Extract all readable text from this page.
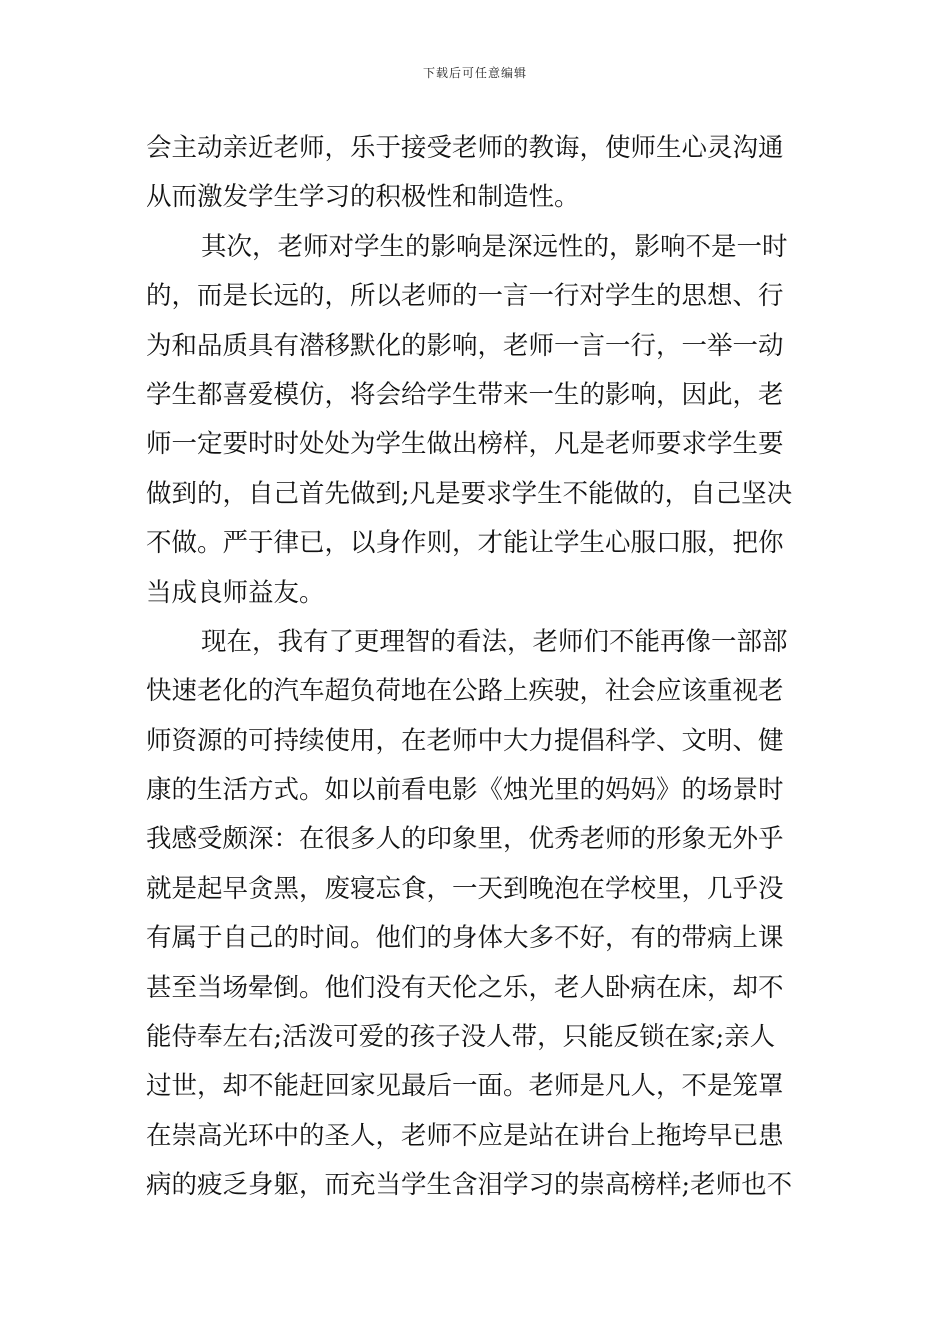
下载后可任意编辑
会主动亲近老师，乐于接受老师的教诲，使师生心灵沟通
从而激发学生学习的积极性和制造性。
其次，老师对学生的影响是深远性的，影响不是一时
的，而是长远的，所以老师的一言一行对学生的思想、行
为和品质具有潜移默化的影响，老师一言一行，一举一动
学生都喜爱模仿，将会给学生带来一生的影响，因此，老
师一定要时时处处为学生做出榜样，凡是老师要求学生要
做到的，自己首先做到;凡是要求学生不能做的，自己坚决
不做。严于律已，以身作则，才能让学生心服口服，把你
当成良师益友。
现在，我有了更理智的看法，老师们不能再像一部部
快速老化的汽车超负荷地在公路上疾驶，社会应该重视老
师资源的可持续使用，在老师中大力提倡科学、文明、健
康的生活方式。如以前看电影《烛光里的妈妈》的场景时
我感受颇深：在很多人的印象里，优秀老师的形象无外乎
就是起早贪黑，废寝忘食，一天到晚泡在学校里，几乎没
有属于自己的时间。他们的身体大多不好，有的带病上课
甚至当场晕倒。他们没有天伦之乐，老人卧病在床，却不
能侍奉左右;活泼可爱的孩子没人带，只能反锁在家;亲人
过世，却不能赶回家见最后一面。老师是凡人，不是笼罩
在崇高光环中的圣人，老师不应是站在讲台上拖垮早已患
病的疲乏身躯，而充当学生含泪学习的崇高榜样;老师也不
